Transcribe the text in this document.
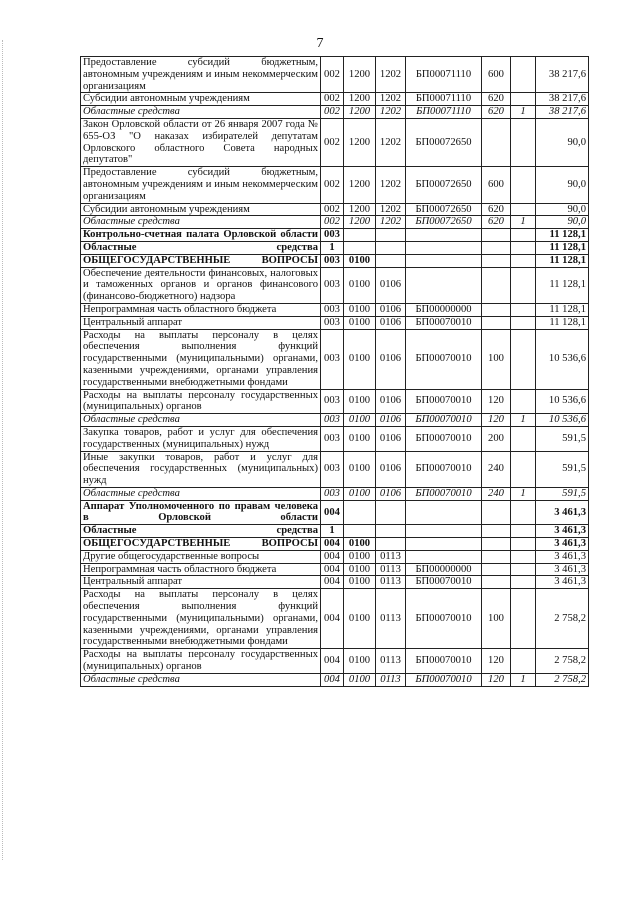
7
Предоставление субсидий бюджетным, автономным учреждениям и иным некоммерческим организациям	002	1200	1202	БП00071110	600		38 217,6
Субсидии автономным учреждениям	002	1200	1202	БП00071110	620		38 217,6
Областные средства	002	1200	1202	БП00071110	620	1	38 217,6
Закон Орловской области от 26 января 2007 года № 655-ОЗ "О наказах избирателей депутатам Орловского областного Совета народных депутатов"	002	1200	1202	БП00072650			90,0
Предоставление субсидий бюджетным, автономным учреждениям и иным некоммерческим организациям	002	1200	1202	БП00072650	600		90,0
Субсидии автономным учреждениям	002	1200	1202	БП00072650	620		90,0
Областные средства	002	1200	1202	БП00072650	620	1	90,0
Контрольно-счетная палата Орловской области	003						11 128,1
Областные средства	1						11 128,1
ОБЩЕГОСУДАРСТВЕННЫЕ ВОПРОСЫ	003	0100					11 128,1
Обеспечение деятельности финансовых, налоговых и таможенных органов и органов финансового (финансово-бюджетного) надзора	003	0100	0106				11 128,1
Непрограммная часть областного бюджета	003	0100	0106	БП00000000			11 128,1
Центральный аппарат	003	0100	0106	БП00070010			11 128,1
Расходы на выплаты персоналу в целях обеспечения выполнения функций государственными (муниципальными) органами, казенными учреждениями, органами управления государственными внебюджетными фондами	003	0100	0106	БП00070010	100		10 536,6
Расходы на выплаты персоналу государственных (муниципальных) органов	003	0100	0106	БП00070010	120		10 536,6
Областные средства	003	0100	0106	БП00070010	120	1	10 536,6
Закупка товаров, работ и услуг для обеспечения государственных (муниципальных) нужд	003	0100	0106	БП00070010	200		591,5
Иные закупки товаров, работ и услуг для обеспечения государственных (муниципальных) нужд	003	0100	0106	БП00070010	240		591,5
Областные средства	003	0100	0106	БП00070010	240	1	591,5
Аппарат Уполномоченного по правам человека в Орловской области	004						3 461,3
Областные средства	1						3 461,3
ОБЩЕГОСУДАРСТВЕННЫЕ ВОПРОСЫ	004	0100					3 461,3
Другие общегосударственные вопросы	004	0100	0113				3 461,3
Непрограммная часть областного бюджета	004	0100	0113	БП00000000			3 461,3
Центральный аппарат	004	0100	0113	БП00070010			3 461,3
Расходы на выплаты персоналу в целях обеспечения выполнения функций государственными (муниципальными) органами, казенными учреждениями, органами управления государственными внебюджетными фондами	004	0100	0113	БП00070010	100		2 758,2
Расходы на выплаты персоналу государственных (муниципальных) органов	004	0100	0113	БП00070010	120		2 758,2
Областные средства	004	0100	0113	БП00070010	120	1	2 758,2
